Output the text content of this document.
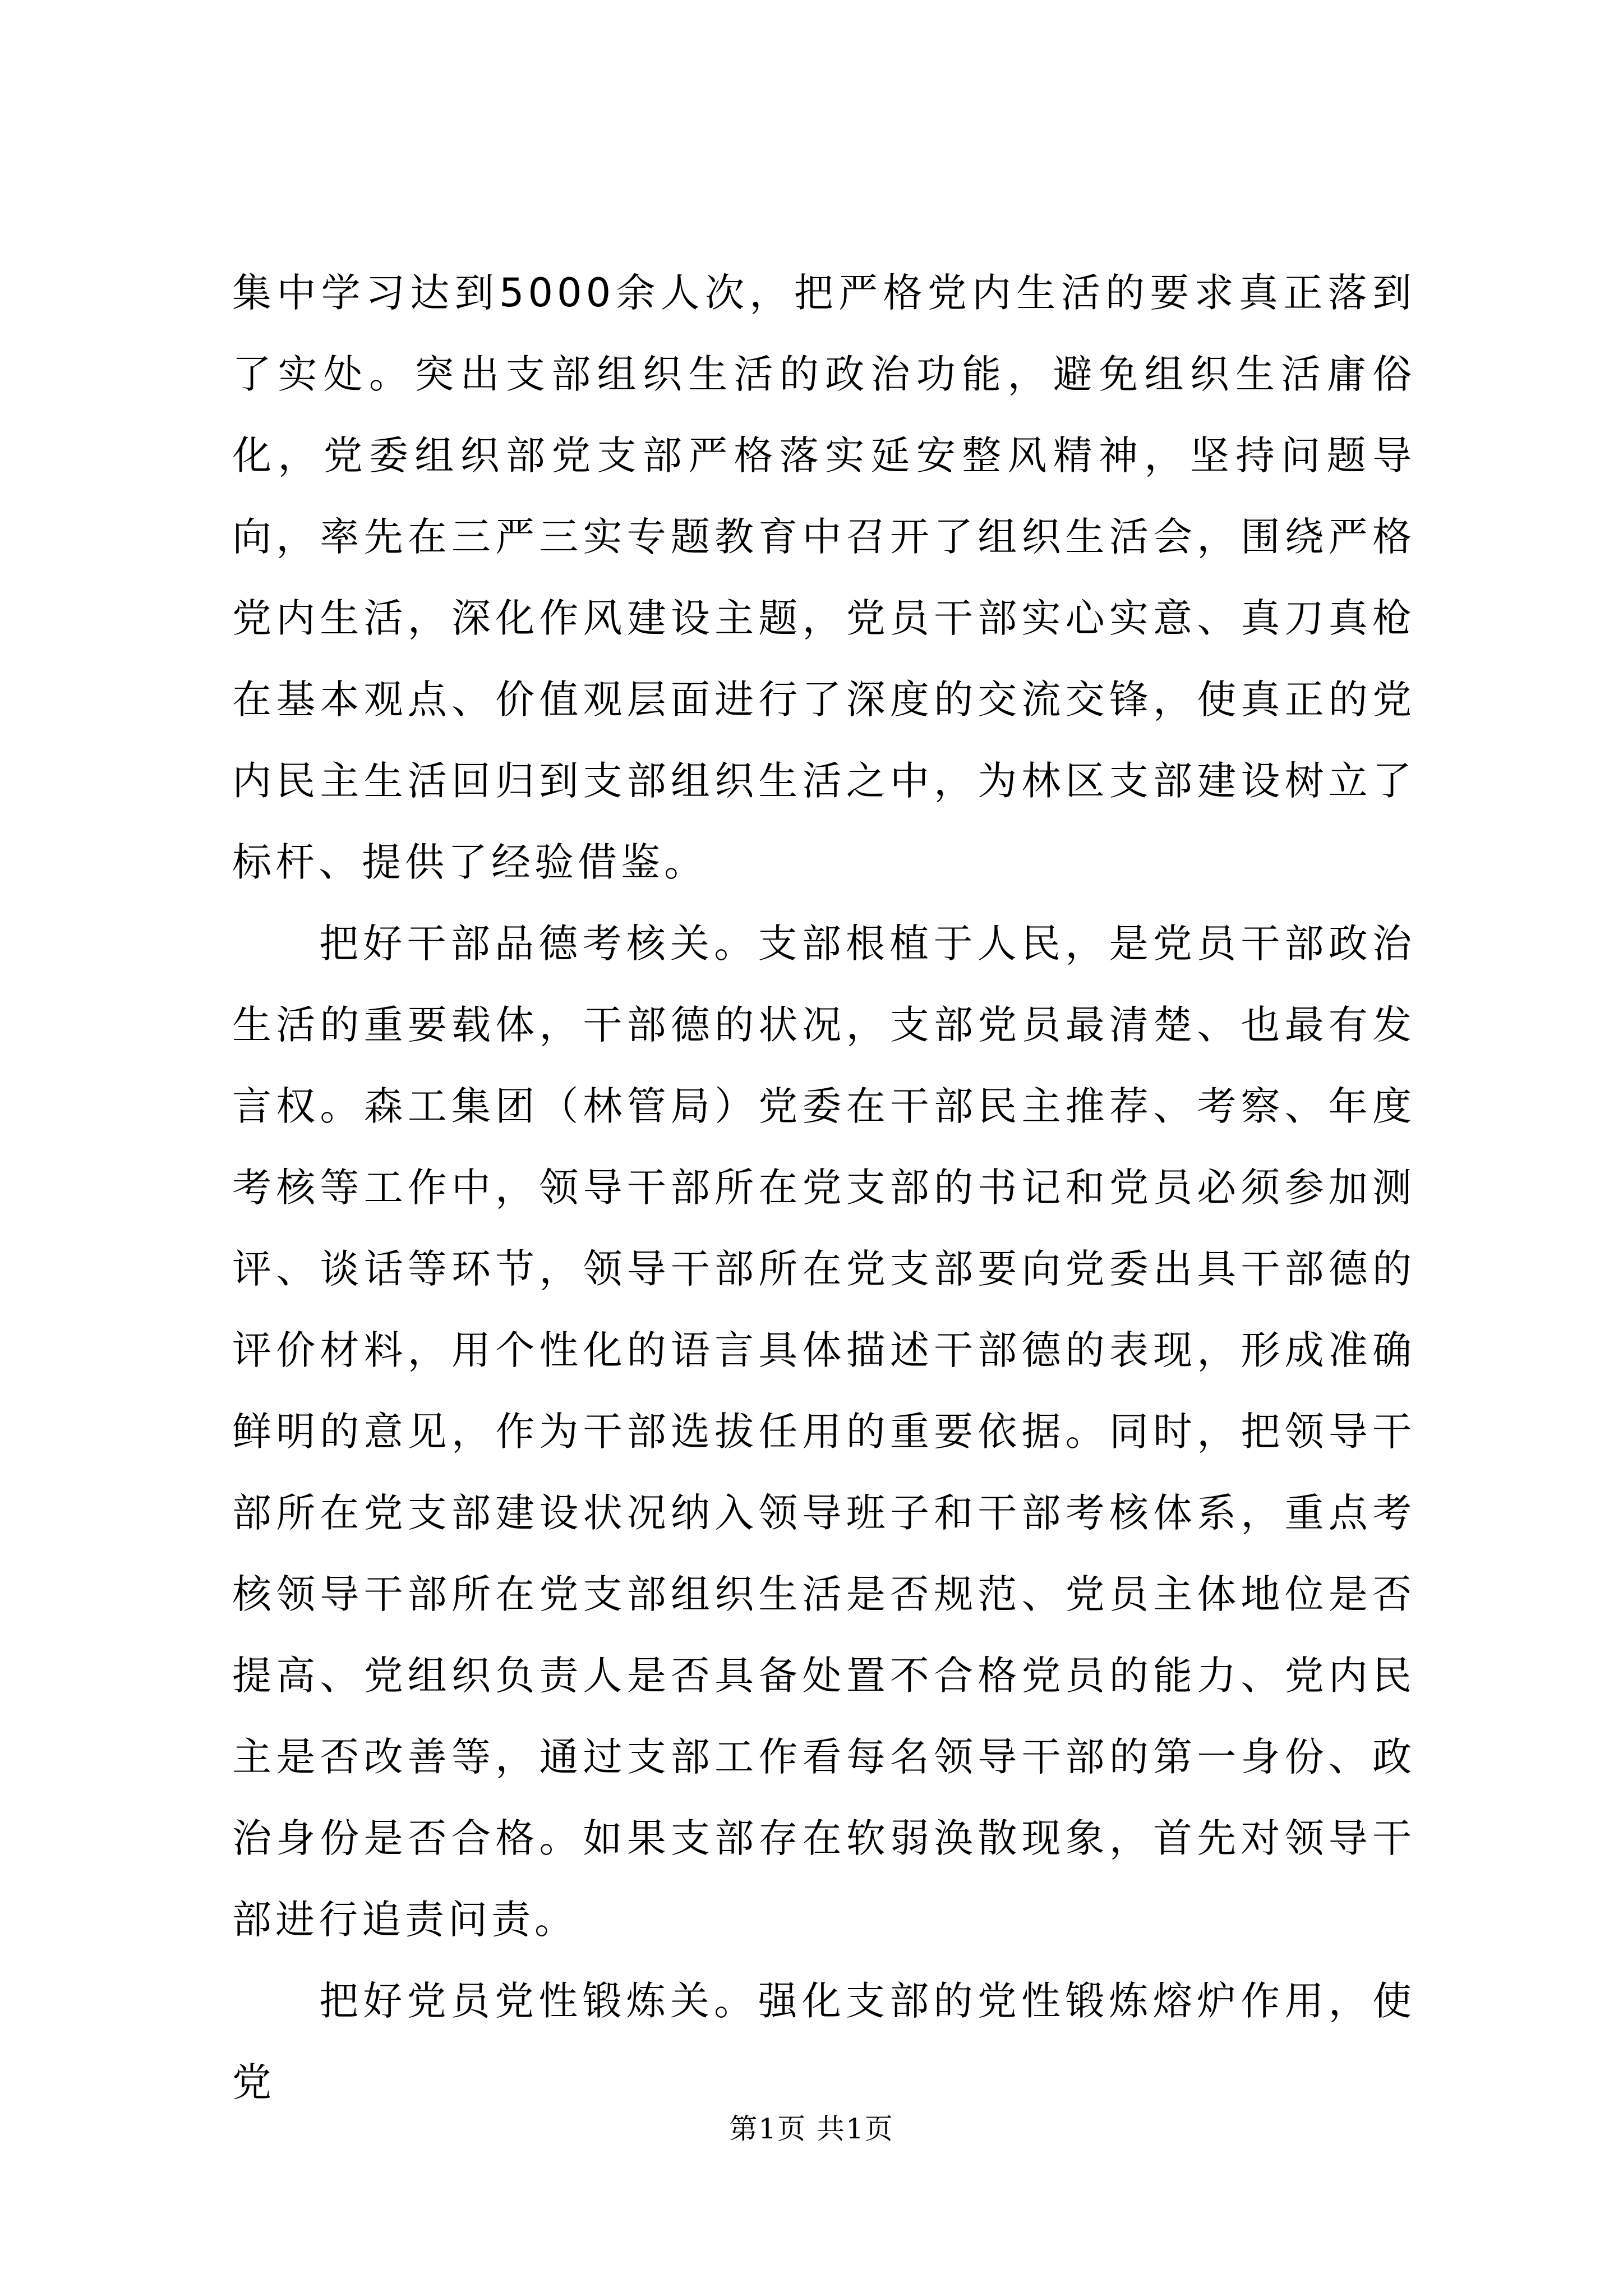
集中学习达到5000余人次，把严格党内生活的要求真正落到了实处。突出支部组织生活的政治功能，避免组织生活庸俗化，党委组织部党支部严格落实延安整风精神，坚持问题导向，率先在三严三实专题教育中召开了组织生活会，围绕严格党内生活，深化作风建设主题，党员干部实心实意、真刀真枪在基本观点、价值观层面进行了深度的交流交锋，使真正的党内民主生活回归到支部组织生活之中，为林区支部建设树立了标杆、提供了经验借鉴。

把好干部品德考核关。支部根植于人民，是党员干部政治生活的重要载体，干部德的状况，支部党员最清楚、也最有发言权。森工集团（林管局）党委在干部民主推荐、考察、年度考核等工作中，领导干部所在党支部的书记和党员必须参加测评、谈话等环节，领导干部所在党支部要向党委出具干部德的评价材料，用个性化的语言具体描述干部德的表现，形成准确鲜明的意见，作为干部选拔任用的重要依据。同时，把领导干部所在党支部建设状况纳入领导班子和干部考核体系，重点考核领导干部所在党支部组织生活是否规范、党员主体地位是否提高、党组织负责人是否具备处置不合格党员的能力、党内民主是否改善等，通过支部工作看每名领导干部的第一身份、政治身份是否合格。如果支部存在软弱涣散现象，首先对领导干部进行追责问责。

把好党员党性锻炼关。强化支部的党性锻炼熔炉作用，使党

第1页 共1页
